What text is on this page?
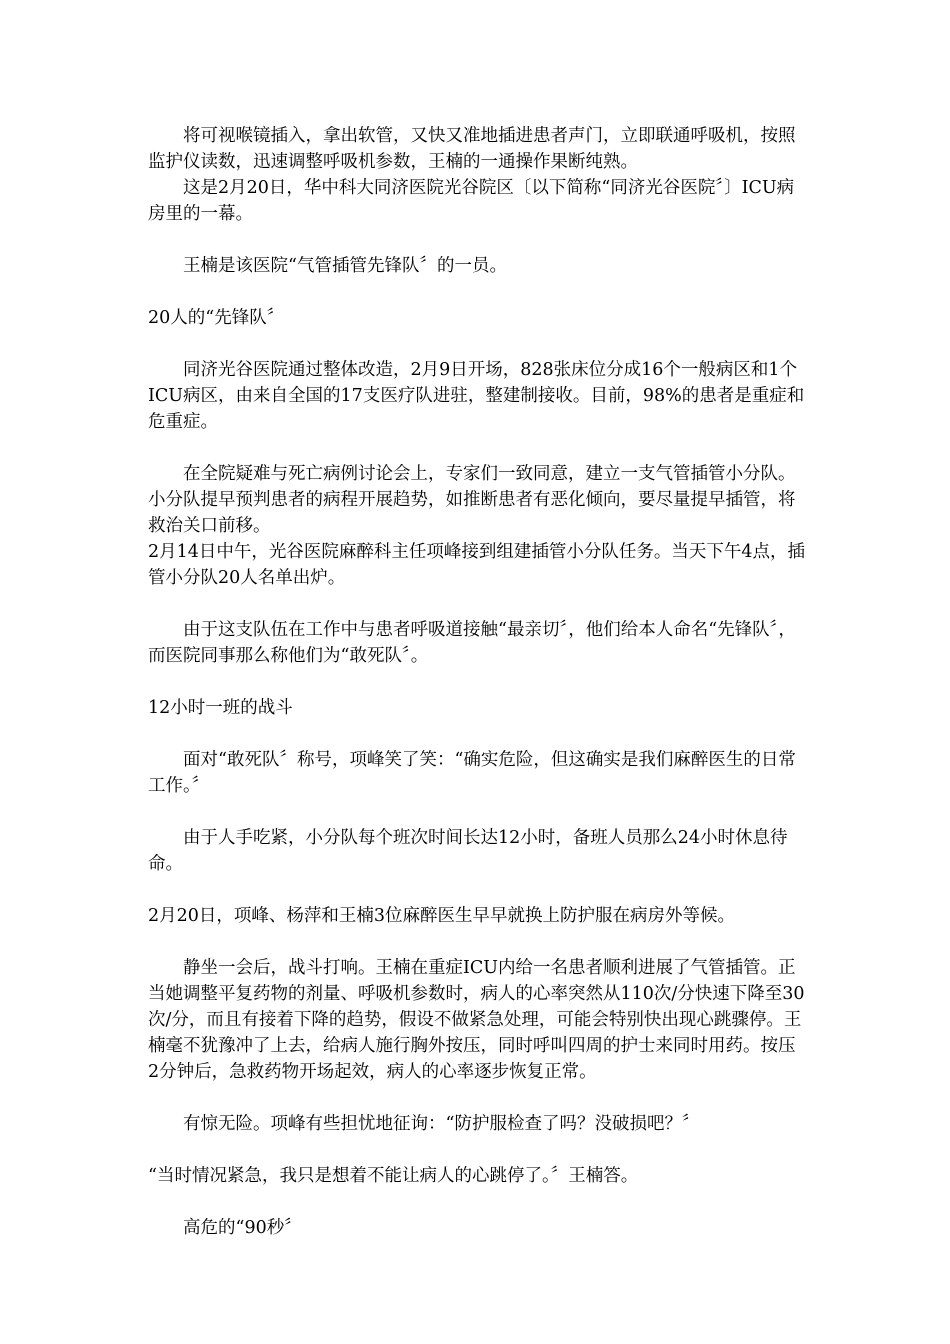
将可视喉镜插入，拿出软管，又快又准地插进患者声门，立即联通呼吸机，按照监护仪读数，迅速调整呼吸机参数，王楠的一通操作果断纯熟。

这是2月20日，华中科大同济医院光谷院区〔以下简称“同济光谷医院〞〕ICU病房里的一幕。

王楠是该医院“气管插管先锋队〞的一员。

20人的“先锋队〞

同济光谷医院通过整体改造，2月9日开场，828张床位分成16个一般病区和1个ICU病区，由来自全国的17支医疗队进驻，整建制接收。目前，98%的患者是重症和危重症。

在全院疑难与死亡病例讨论会上，专家们一致同意，建立一支气管插管小分队。小分队提早预判患者的病程开展趋势，如推断患者有恶化倾向，要尽量提早插管，将救治关口前移。

2月14日中午，光谷医院麻醉科主任项峰接到组建插管小分队任务。当天下午4点，插管小分队20人名单出炉。

由于这支队伍在工作中与患者呼吸道接触“最亲切〞，他们给本人命名“先锋队〞，而医院同事那么称他们为“敢死队〞。

12小时一班的战斗

面对“敢死队〞称号，项峰笑了笑：“确实危险，但这确实是我们麻醉医生的日常工作。〞

由于人手吃紧，小分队每个班次时间长达12小时，备班人员那么24小时休息待命。

2月20日，项峰、杨萍和王楠3位麻醉医生早早就换上防护服在病房外等候。

静坐一会后，战斗打响。王楠在重症ICU内给一名患者顺利进展了气管插管。正当她调整平复药物的剂量、呼吸机参数时，病人的心率突然从110次/分快速下降至30次/分，而且有接着下降的趋势，假设不做紧急处理，可能会特别快出现心跳骤停。王楠毫不犹豫冲了上去，给病人施行胸外按压，同时呼叫四周的护士来同时用药。按压2分钟后，急救药物开场起效，病人的心率逐步恢复正常。

有惊无险。项峰有些担忧地征询：“防护服检查了吗？没破损吧？〞

“当时情况紧急，我只是想着不能让病人的心跳停了。〞王楠答。

高危的“90秒〞
